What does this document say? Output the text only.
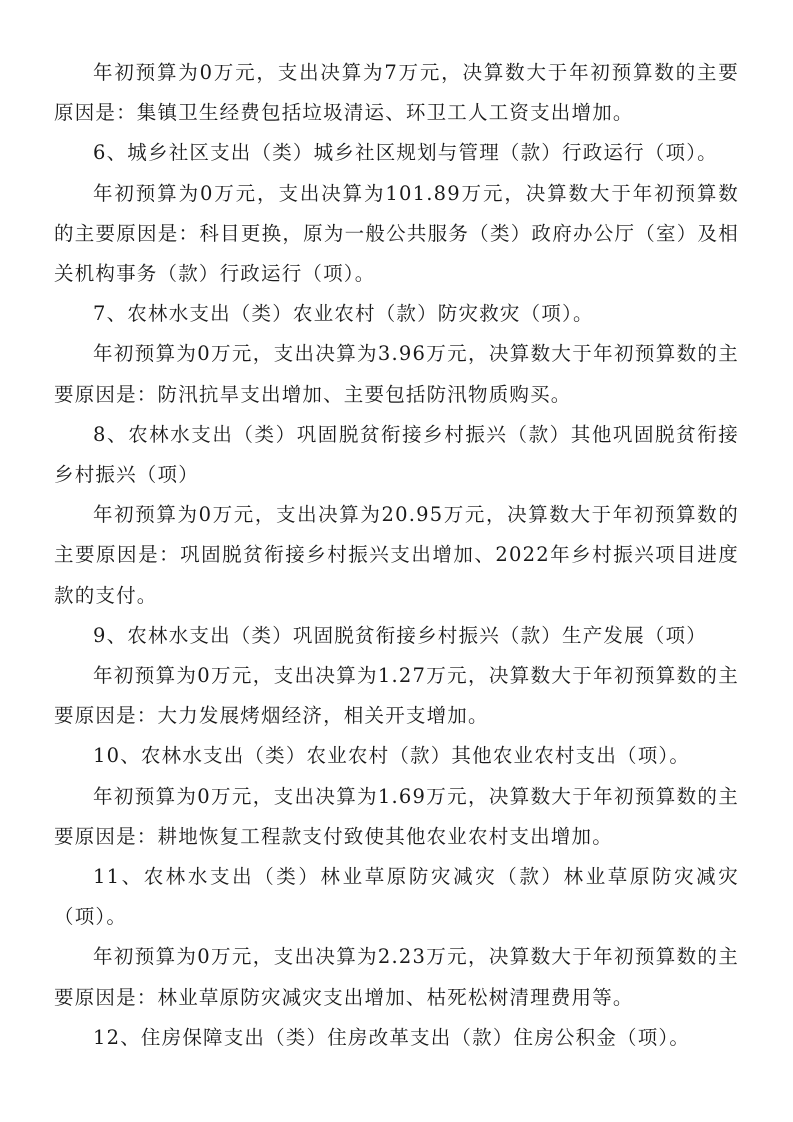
年初预算为0万元，支出决算为7万元，决算数大于年初预算数的主要原因是：集镇卫生经费包括垃圾清运、环卫工人工资支出增加。

6、城乡社区支出（类）城乡社区规划与管理（款）行政运行（项）。

年初预算为0万元，支出决算为101.89万元，决算数大于年初预算数的主要原因是：科目更换，原为一般公共服务（类）政府办公厅（室）及相关机构事务（款）行政运行（项）。

7、农林水支出（类）农业农村（款）防灾救灾（项）。

年初预算为0万元，支出决算为3.96万元，决算数大于年初预算数的主要原因是：防汛抗旱支出增加、主要包括防汛物质购买。

8、农林水支出（类）巩固脱贫衔接乡村振兴（款）其他巩固脱贫衔接乡村振兴（项）

年初预算为0万元，支出决算为20.95万元，决算数大于年初预算数的主要原因是：巩固脱贫衔接乡村振兴支出增加、2022年乡村振兴项目进度款的支付。

9、农林水支出（类）巩固脱贫衔接乡村振兴（款）生产发展（项）

年初预算为0万元，支出决算为1.27万元，决算数大于年初预算数的主要原因是：大力发展烤烟经济，相关开支增加。

10、农林水支出（类）农业农村（款）其他农业农村支出（项）。

年初预算为0万元，支出决算为1.69万元，决算数大于年初预算数的主要原因是：耕地恢复工程款支付致使其他农业农村支出增加。

11、农林水支出（类）林业草原防灾减灾（款）林业草原防灾减灾（项）。

年初预算为0万元，支出决算为2.23万元，决算数大于年初预算数的主要原因是：林业草原防灾减灾支出增加、枯死松树清理费用等。

12、住房保障支出（类）住房改革支出（款）住房公积金（项）。
